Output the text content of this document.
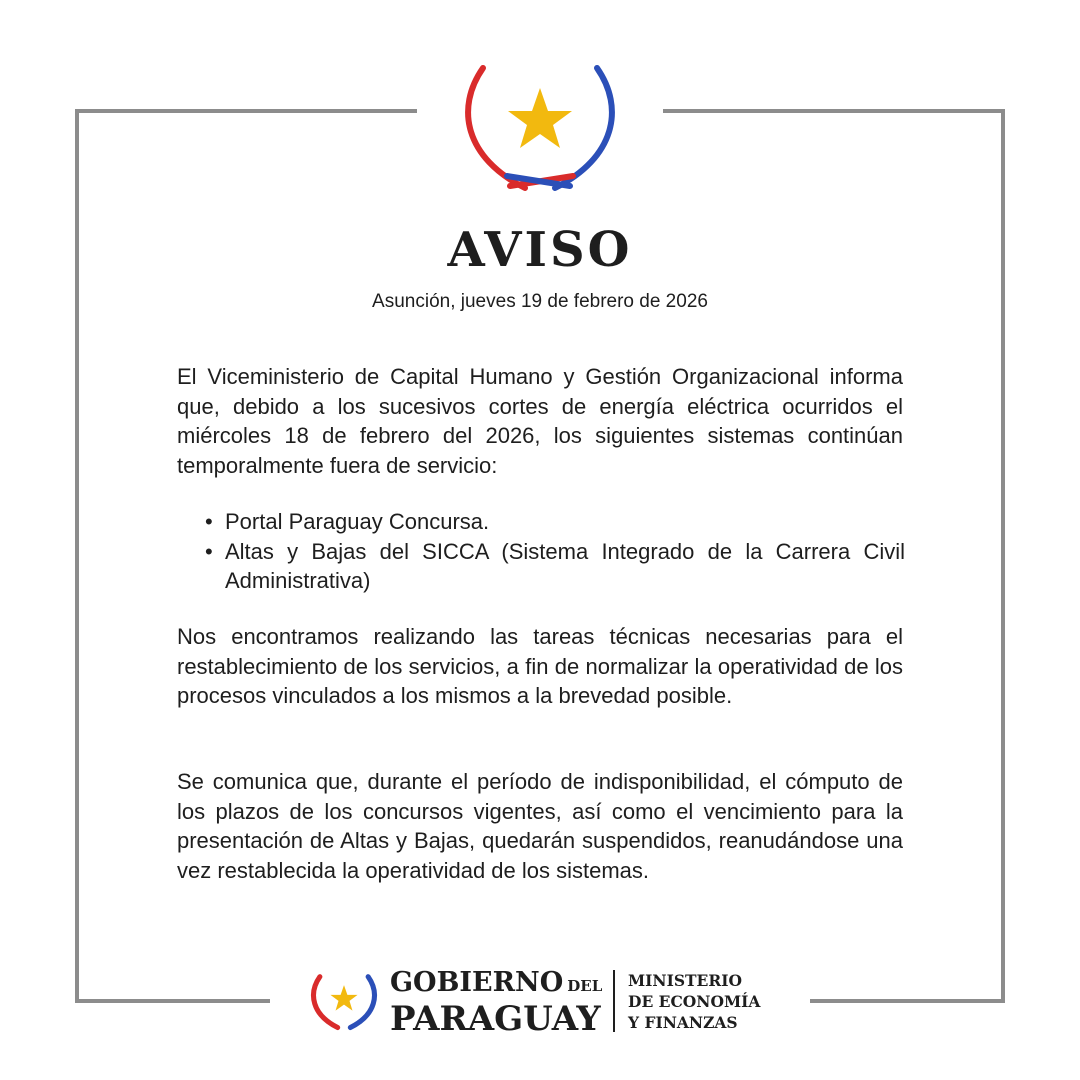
AVISO
Asunción, jueves 19 de febrero de 2026

El Viceministerio de Capital Humano y Gestión Organizacional informa que, debido a los sucesivos cortes de energía eléctrica ocurridos el miércoles 18 de febrero del 2026, los siguientes sistemas continúan temporalmente fuera de servicio:

• Portal Paraguay Concursa.
• Altas y Bajas del SICCA (Sistema Integrado de la Carrera Civil Administrativa)

Nos encontramos realizando las tareas técnicas necesarias para el restablecimiento de los servicios, a fin de normalizar la operatividad de los procesos vinculados a los mismos a la brevedad posible.

Se comunica que, durante el período de indisponibilidad, el cómputo de los plazos de los concursos vigentes, así como el vencimiento para la presentación de Altas y Bajas, quedarán suspendidos, reanudándose una vez restablecida la operatividad de los sistemas.

GOBIERNO DEL
PARAGUAY
MINISTERIO
DE ECONOMÍA
Y FINANZAS
